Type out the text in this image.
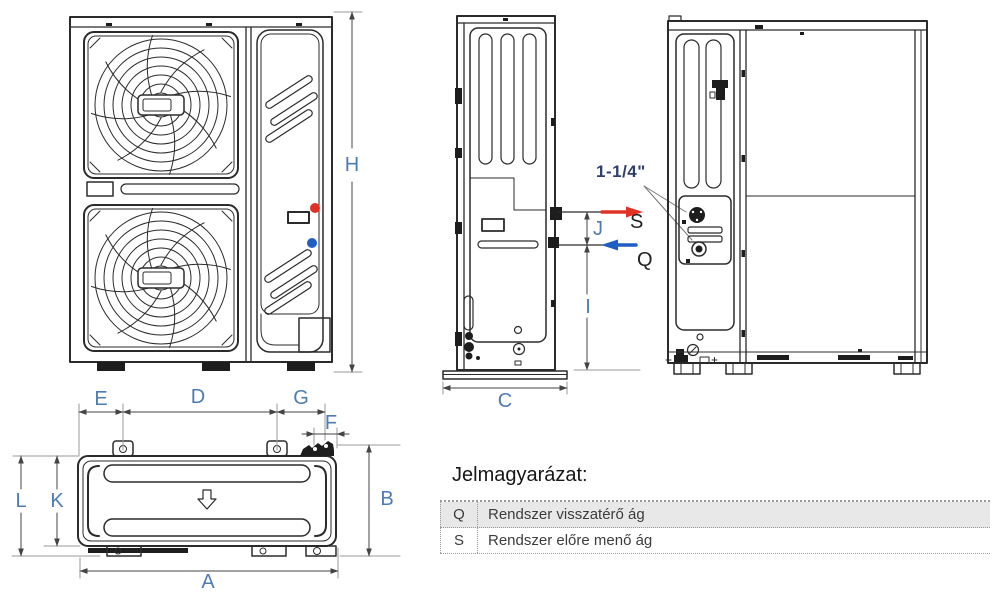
E	D	G
F
L K	B
A
H
C
J
I
1-1/4"
S
Q
Jelmagyarázat:
Q	Rendszer visszatérő ág
S	Rendszer előre menő ág
